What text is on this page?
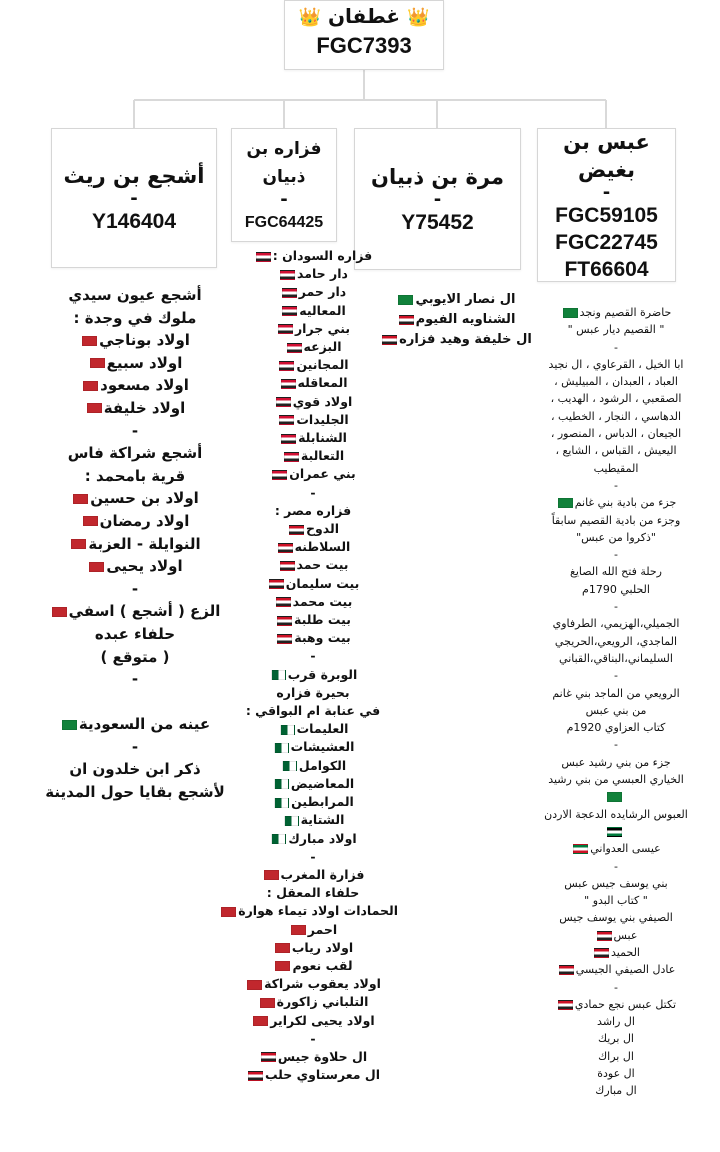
👑 غطفان 👑
FGC7393
أشجع بن ريث
-
Y146404
فزاره بن ذبيان
-
FGC64425
مرة بن ذبيان
-
Y75452
عبس بن بغيض
-
FGC59105
FGC22745
FT66604
أشجع عيون سيدي
ملوك في وجدة :
اولاد بوناجي
اولاد سبيع
اولاد مسعود
اولاد خليفة
-
أشجع شراكة فاس
قرية بامحمد :
اولاد بن حسين
اولاد رمضان
النوايلة - العزبة
اولاد يحيى
-
الزع ( أشجع ) اسفي
حلفاء عبده
( متوقع )
-

عينه من السعودية
-
ذكر ابن خلدون ان
لأشجع بقايا حول المدينة
فزاره السودان :
دار حامد
دار حمر
المعاليه
بني جرار
البزعه
المجانين
المعاقله
اولاد قوي
الجليدات
الشنابلة
التعالبة
بني عمران
-
فزاره مصر :
الدوح
السلاطنه
بيت حمد
بيت سليمان
بيت محمد
بيت طلبة
بيت وهبة
-
الوبرة قرب
بحيرة فزاره
في عنابة ام البواقي :
العليمات
العشيشات
الكوامل
المعاضيض
المرابطين
الشتاية
اولاد مبارك
-
فزارة المغرب
حلفاء المعقل :
الحمادات اولاد تيماء هوارة
احمر
اولاد رياب
لقب نعوم
اولاد يعقوب شراكة
التلباني زاكورة
اولاد يحيى لكراير
-
ال حلاوة جيس
ال معرستاوي حلب
ال نصار الايوبي
الشناويه الفيوم
ال خليفة وهيد فزاره
حاضرة القصيم ونجد
" القصيم ديار عبس "
-
ابا الخيل ، القرعاوي ، ال نجيد
العباد ، العبدان ، المبيليش ،
الصقعبي ، الرشود ، الهديب ،
الدهاسي ، النجار ، الخطيب ،
الجيعان ، الدباس ، المنصور ،
اليعيش ، القباس ، الشايع ،
المقيطيب
-
جزء من بادية بني غانم
وجزء من بادية القصيم سابقاً
"ذكروا من عبس"
-
رحلة فتح الله الصايغ
الحلبي 1790م
-
الجميلي،الهزيمي، الطرفاوي
الماجدي، الرويعي،الحريجي
السليماني،البناقي،القباني
-
الرويعي من الماجد بني غانم
من بني عبس
كتاب العزاوي 1920م
-
جزء من بني رشيد عبس
الخياري العبسي من بني رشيد

العبوس الرشايده الدعجة الاردن

عيسى العدواني
-
بني يوسف جيس عبس
" كتاب البدو "
الصيفي بني يوسف جيس
عبس
الحميد
عادل الصيفي الجيسي
-
تكتل عبس نجع حمادي
ال راشد
ال بريك
ال براك
ال عودة
ال مبارك
